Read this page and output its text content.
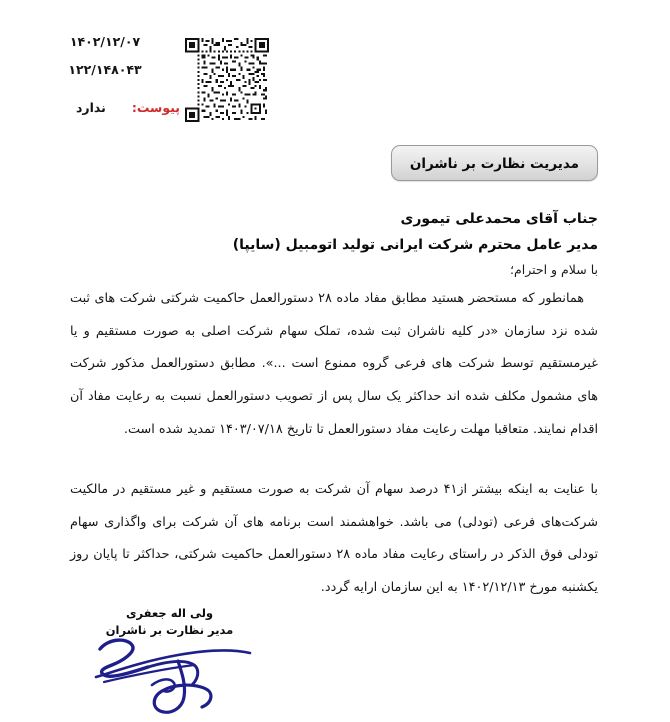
۱۴۰۲/۱۲/۰۷
۱۲۲/۱۴۸۰۴۳
پیوست:
ندارد
مدیریت نظارت بر ناشران
جناب آقای محمدعلی تیموری
مدیر عامل محترم شرکت ایرانی تولید اتومبیل (سایپا)
با سلام و احترام؛

همانطور که مستحضر هستید مطابق مفاد ماده ۲۸ دستورالعمل حاکمیت شرکتی شرکت های ثبت شده نزد سازمان «در کلیه ناشران ثبت شده، تملک سهام شرکت اصلی به صورت مستقیم و یا غیرمستقیم توسط شرکت های فرعی گروه ممنوع است ...». مطابق دستورالعمل مذکور شرکت های مشمول مکلف شده اند حداکثر یک سال پس از تصویب دستورالعمل نسبت به رعایت مفاد آن اقدام نمایند. متعاقبا مهلت رعایت مفاد دستورالعمل تا تاریخ ۱۴۰۳/۰۷/۱۸ تمدید شده است.

با عنایت به اینکه بیشتر از۴۱ درصد سهام آن شرکت به صورت مستقیم و غیر مستقیم در مالکیت شرکت‌های فرعی (تودلی) می باشد. خواهشمند است برنامه های آن شرکت برای واگذاری سهام تودلی فوق الذکر در راستای رعایت مفاد ماده ۲۸ دستورالعمل حاکمیت شرکتی، حداکثر تا پایان روز یکشنبه مورخ ۱۴۰۲/۱۲/۱۳ به این سازمان ارایه گردد.

ولی اله جعفری
مدیر نظارت بر ناشران
